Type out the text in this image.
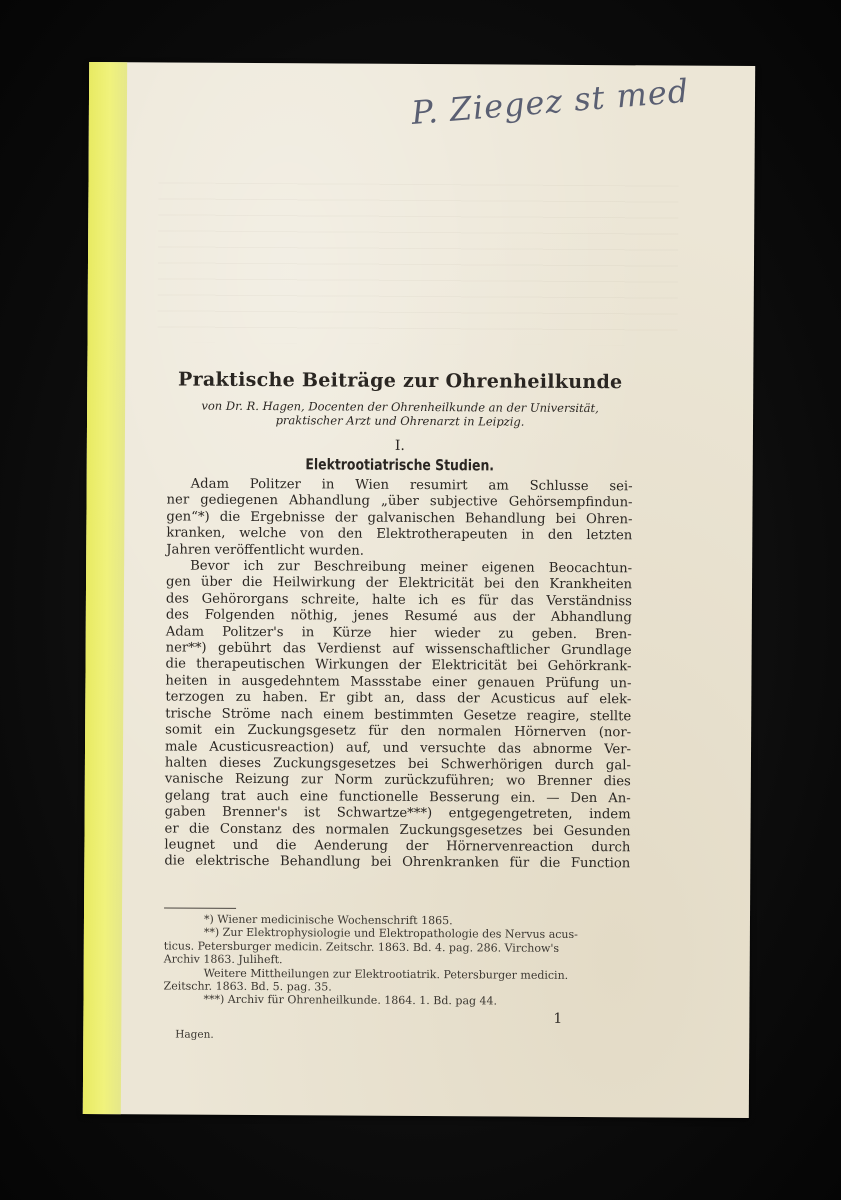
P. Ziegez st med
Praktische Beiträge zur Ohrenheilkunde
von Dr. R. Hagen, Docenten der Ohrenheilkunde an der Universität,
praktischer Arzt und Ohrenarzt in Leipzig.
I.
Elektrootiatrische Studien.
Adam Politzer in Wien resumirt am Schlusse sei-
ner gediegenen Abhandlung „über subjective Gehörsempfindun-
gen“*) die Ergebnisse der galvanischen Behandlung bei Ohren-
kranken, welche von den Elektrotherapeuten in den letzten
Jahren veröffentlicht wurden.
Bevor ich zur Beschreibung meiner eigenen Beocachtun-
gen über die Heilwirkung der Elektricität bei den Krankheiten
des Gehörorgans schreite, halte ich es für das Verständniss
des Folgenden nöthig, jenes Resumé aus der Abhandlung
Adam Politzer's in Kürze hier wieder zu geben. Bren-
ner**) gebührt das Verdienst auf wissenschaftlicher Grundlage
die therapeutischen Wirkungen der Elektricität bei Gehörkrank-
heiten in ausgedehntem Massstabe einer genauen Prüfung un-
terzogen zu haben. Er gibt an, dass der Acusticus auf elek-
trische Ströme nach einem bestimmten Gesetze reagire, stellte
somit ein Zuckungsgesetz für den normalen Hörnerven (nor-
male Acusticusreaction) auf, und versuchte das abnorme Ver-
halten dieses Zuckungsgesetzes bei Schwerhörigen durch gal-
vanische Reizung zur Norm zurückzuführen; wo Brenner dies
gelang trat auch eine functionelle Besserung ein. — Den An-
gaben Brenner's ist Schwartze***) entgegengetreten, indem
er die Constanz des normalen Zuckungsgesetzes bei Gesunden
leugnet und die Aenderung der Hörnervenreaction durch
die elektrische Behandlung bei Ohrenkranken für die Function
*) Wiener medicinische Wochenschrift 1865.
**) Zur Elektrophysiologie und Elektropathologie des Nervus acus-
ticus. Petersburger medicin. Zeitschr. 1863. Bd. 4. pag. 286. Virchow's
Archiv 1863. Juliheft.
Weitere Mittheilungen zur Elektrootiatrik. Petersburger medicin.
Zeitschr. 1863. Bd. 5. pag. 35.
***) Archiv für Ohrenheilkunde. 1864. 1. Bd. pag 44.
1
Hagen.
